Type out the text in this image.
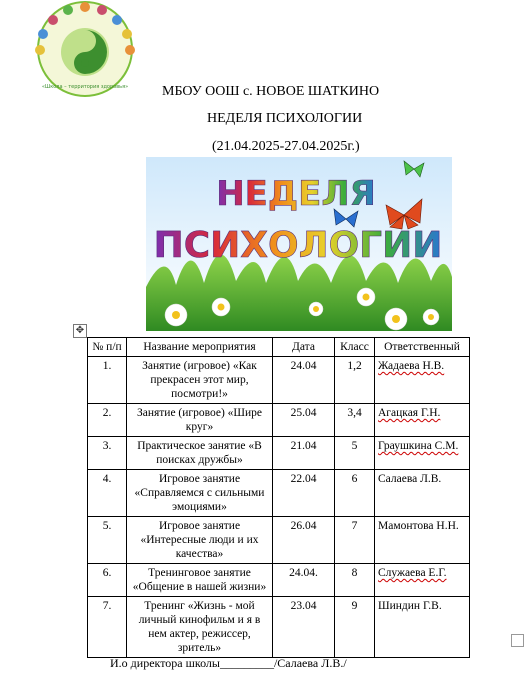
«Школа – территория здоровья» МБОУ ООШ с. НОВОЕ ШАТКИНО
НЕДЕЛЯ ПСИХОЛОГИИ
(21.04.2025-27.04.2025г.)
НЕДЕЛЯ
ПСИХОЛОГИИ
✥
№ п/п	Название мероприятия	Дата	Класс	Ответственный
1.	Занятие (игровое) «Как прекрасен этот мир, посмотри!»	24.04	1,2	Жадаева Н.В.
2.	Занятие (игровое) «Шире круг»	25.04	3,4	Агацкая Г.Н.
3.	Практическое занятие «В поисках дружбы»	21.04	5	Граушкина С.М.
4.	Игровое занятие «Справляемся с сильными эмоциями»	22.04	6	Салаева Л.В.
5.	Игровое занятие «Интересные люди и их качества»	26.04	7	Мамонтова Н.Н.
6.	Тренинговое занятие «Общение в нашей жизни»	24.04.	8	Служаева Е.Г.
7.	Тренинг «Жизнь - мой личный кинофильм и я в нем актер, режиссер, зритель»	23.04	9	Шиндин Г.В.
И.о директора школы_________/Салаева Л.В./
